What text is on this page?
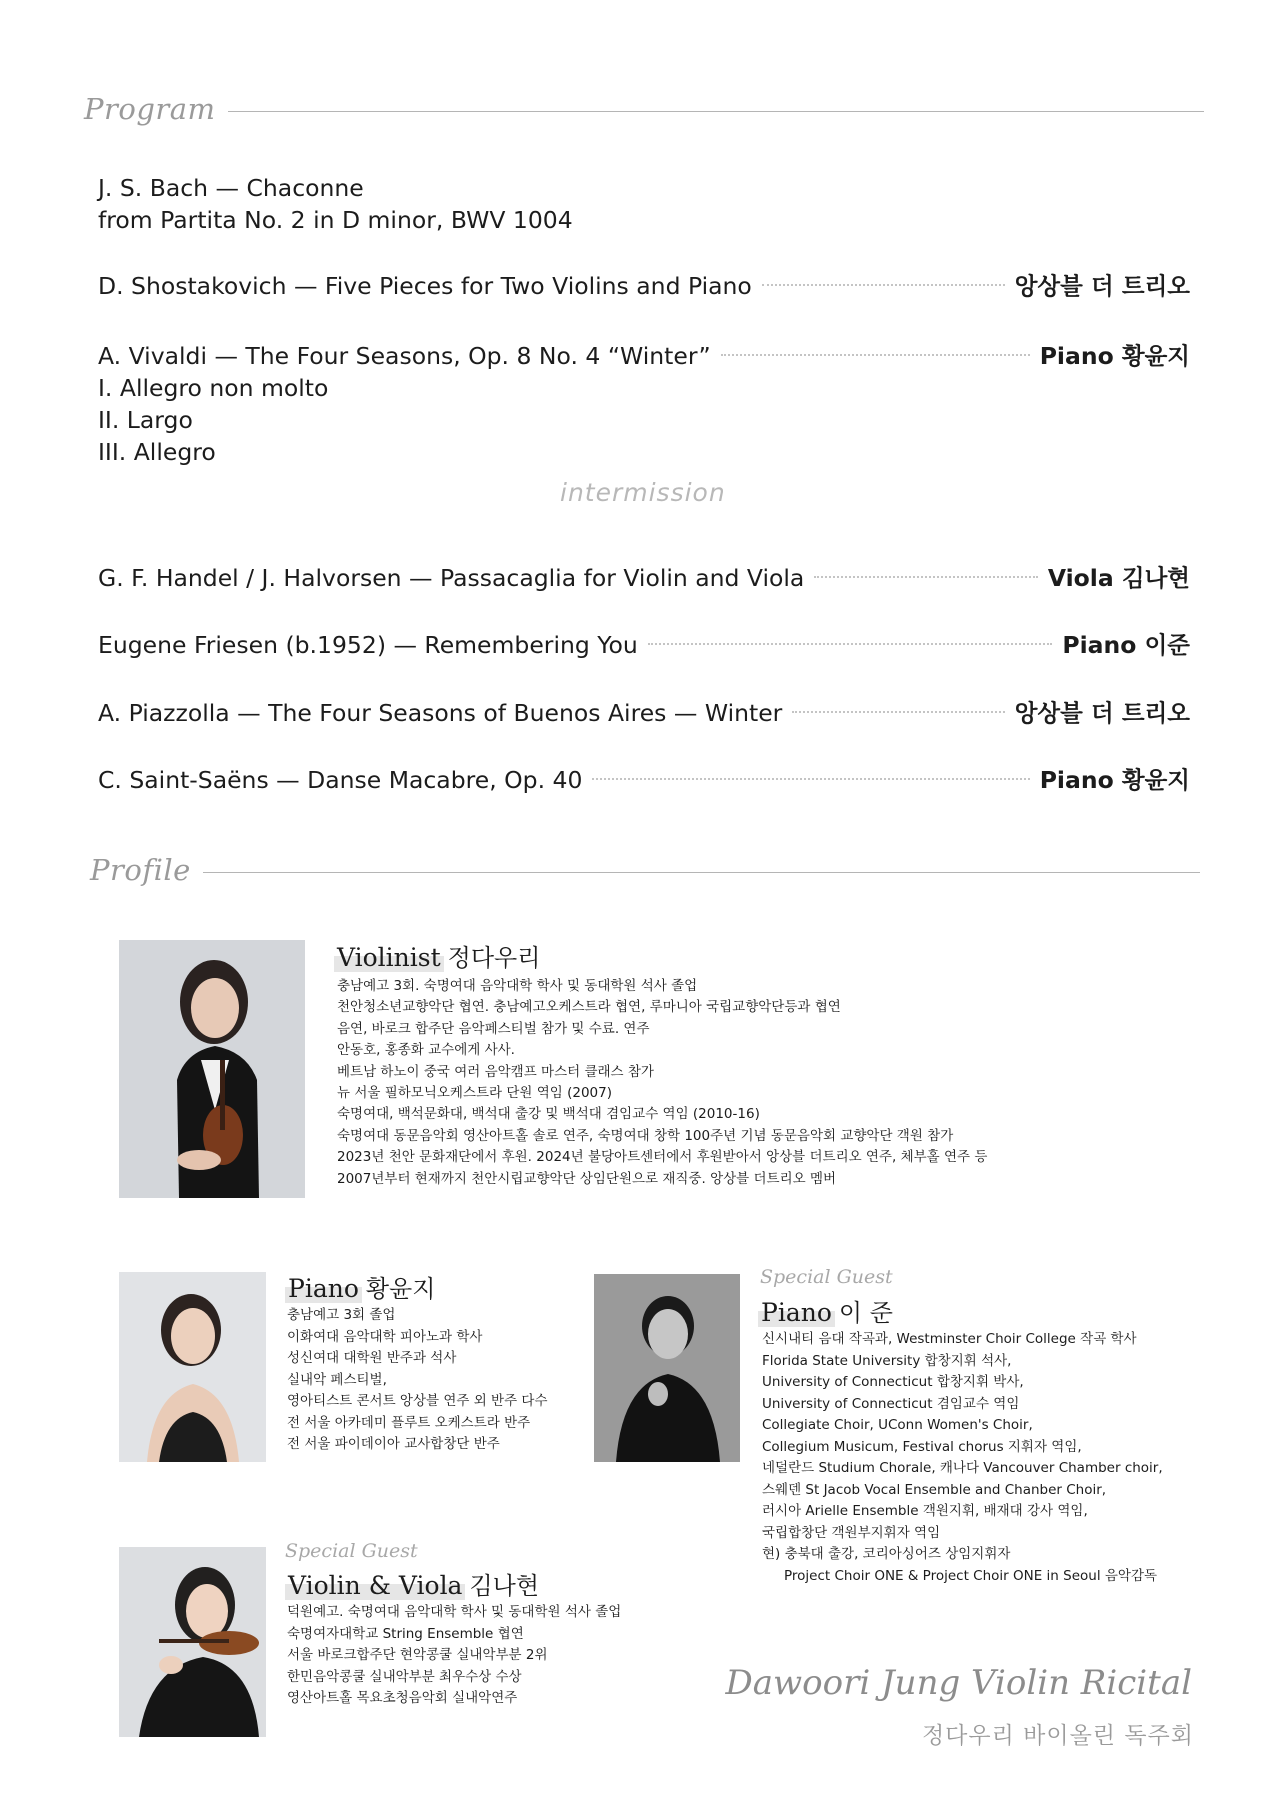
Program
J. S. Bach — Chaconne
from Partita No. 2 in D minor, BWV 1004
D. Shostakovich — Five Pieces for Two Violins and Piano	앙상블 더 트리오
A. Vivaldi — The Four Seasons, Op. 8 No. 4 “Winter”	Piano 황윤지
I. Allegro non molto
II. Largo
III. Allegro
intermission
G. F. Handel / J. Halvorsen — Passacaglia for Violin and Viola	Viola 김나현
Eugene Friesen (b.1952) — Remembering You	Piano 이준
A. Piazzolla — The Four Seasons of Buenos Aires — Winter	앙상블 더 트리오
C. Saint-Saëns — Danse Macabre, Op. 40	Piano 황윤지
Profile
Violinist 정다우리
충남예고 3회. 숙명여대 음악대학 학사 및 동대학원 석사 졸업
천안청소년교향악단 협연. 충남예고오케스트라 협연, 루마니아 국립교향악단등과 협연
음연, 바로크 합주단 음악페스티벌 참가 및 수료. 연주
안동호, 홍종화 교수에게 사사.
베트남 하노이 중국 여러 음악캠프 마스터 클래스 참가
뉴 서울 필하모닉오케스트라 단원 역임 (2007)
숙명여대, 백석문화대, 백석대 출강 및 백석대 겸임교수 역임 (2010-16)
숙명여대 동문음악회 영산아트홀 솔로 연주, 숙명여대 창학 100주년 기념 동문음악회 교향악단 객원 참가
2023년 천안 문화재단에서 후원. 2024년 불당아트센터에서 후원받아서 앙상블 더트리오 연주, 체부홀 연주 등
2007년부터 현재까지 천안시립교향악단 상임단원으로 재직중. 앙상블 더트리오 멤버
Piano 황윤지
충남예고 3회 졸업
이화여대 음악대학 피아노과 학사
성신여대 대학원 반주과 석사
실내악 페스티벌,
영아티스트 콘서트 앙상블 연주 외 반주 다수
전 서울 아카데미 플루트 오케스트라 반주
전 서울 파이데이아 교사합창단 반주
Special Guest
Piano 이 준
신시내티 음대 작곡과, Westminster Choir College 작곡 학사
Florida State University 합창지휘 석사,
University of Connecticut 합창지휘 박사,
University of Connecticut 겸임교수 역임
Collegiate Choir, UConn Women's Choir,
Collegium Musicum, Festival chorus 지휘자 역임,
네덜란드 Studium Chorale, 캐나다 Vancouver Chamber choir,
스웨덴 St Jacob Vocal Ensemble and Chanber Choir,
러시아 Arielle Ensemble 객원지휘, 배재대 강사 역임,
국립합창단 객원부지휘자 역임
현) 충북대 출강, 코리아싱어즈 상임지휘자
Project Choir ONE & Project Choir ONE in Seoul 음악감독
Special Guest
Violin & Viola 김나현
덕원예고. 숙명여대 음악대학 학사 및 동대학원 석사 졸업
숙명여자대학교 String Ensemble 협연
서울 바로크합주단 현악콩쿨 실내악부분 2위
한민음악콩쿨 실내악부분 최우수상 수상
영산아트홀 목요초청음악회 실내악연주	Dawoori Jung Violin Ricital
정다우리 바이올린 독주회
